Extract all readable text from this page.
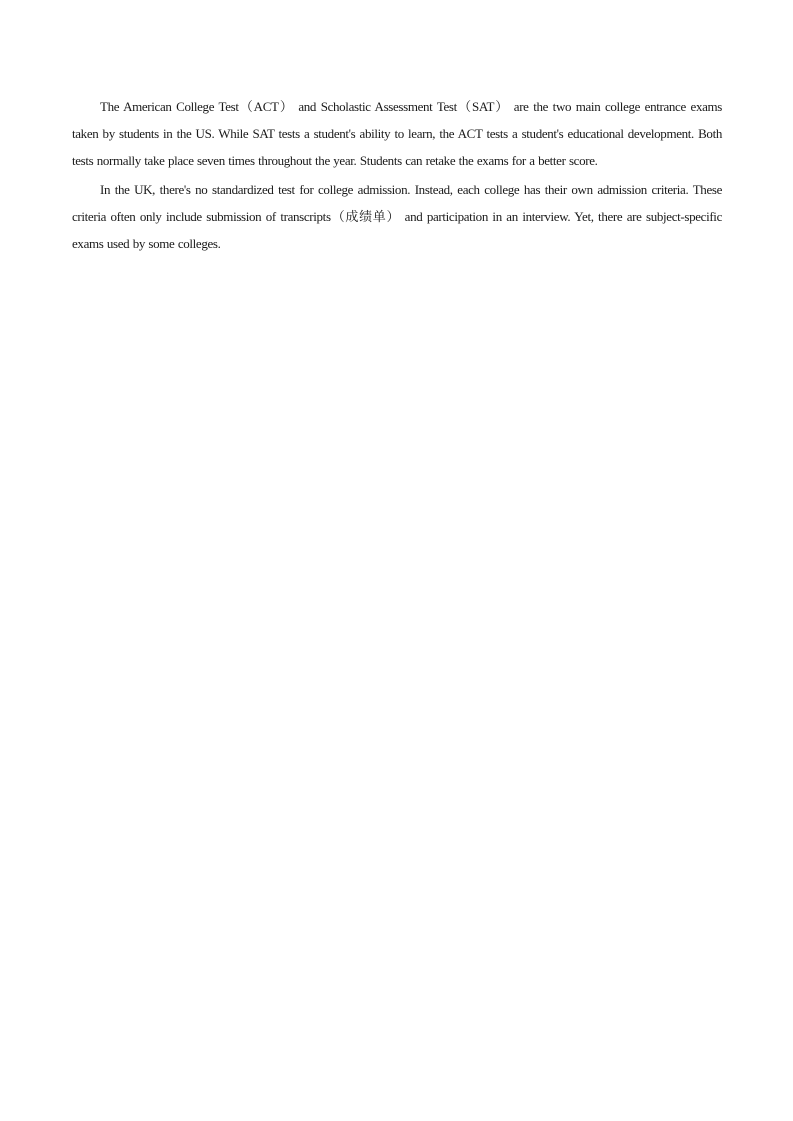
The American College Test（ACT） and Scholastic Assessment Test（SAT） are the two main college entrance exams taken by students in the US. While SAT tests a student's ability to learn, the ACT tests a student's educational development. Both tests normally take place seven times throughout the year. Students can retake the exams for a better score.

In the UK, there's no standardized test for college admission. Instead, each college has their own admission criteria. These criteria often only include submission of transcripts（成绩单） and participation in an interview. Yet, there are subject-specific exams used by some colleges.
